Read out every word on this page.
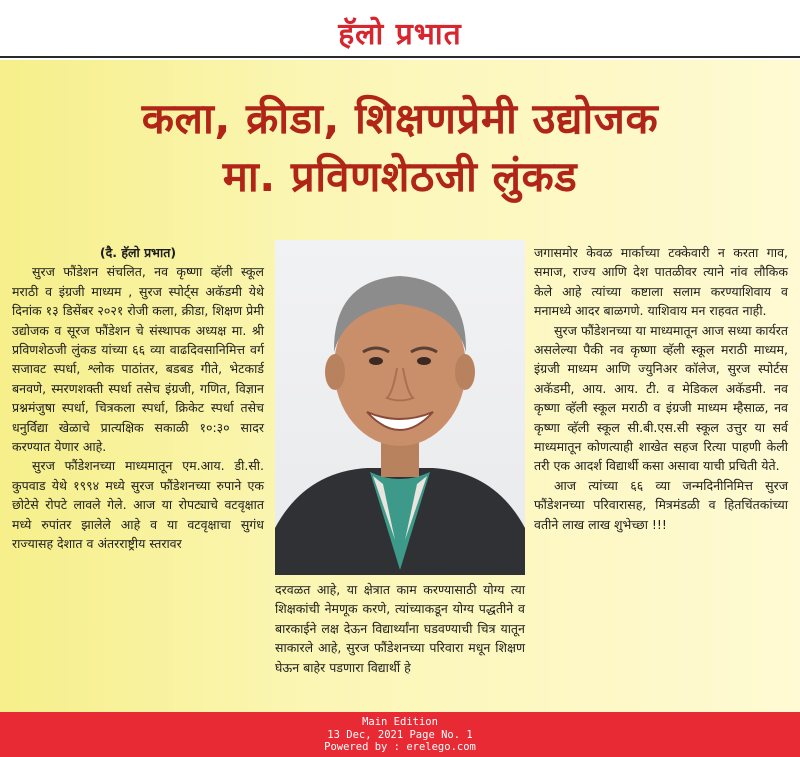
हॅलो प्रभात
कला, क्रीडा, शिक्षणप्रेमी उद्योजक
मा. प्रविणशेठजी लुंकड

(दै. हॅलो प्रभात)

सुरज फौंडेशन संचलित, नव कृष्णा व्हॅली स्कूल मराठी व इंग्रजी माध्यम , सुरज स्पोर्ट्स अकॅडमी येथे दिनांक १३ डिसेंबर २०२१ रोजी कला, क्रीडा, शिक्षण प्रेमी उद्योजक व सूरज फौंडेशन चे संस्थापक अध्यक्ष मा. श्री प्रविणशेठजी लुंकड यांच्या ६६ व्या वाढदिवसानिमित्त वर्ग सजावट स्पर्धा, श्लोक पाठांतर, बडबड गीते, भेटकार्ड बनवणे, स्मरणशक्ती स्पर्धा तसेच इंग्रजी, गणित, विज्ञान प्रश्नमंजुषा स्पर्धा, चित्रकला स्पर्धा, क्रिकेट स्पर्धा तसेच धनुर्विद्या खेळाचे प्रात्यक्षिक सकाळी १०:३० सादर करण्यात येणार आहे.

सुरज फौंडेशनच्या माध्यमातून एम.आय. डी.सी. कुपवाड येथे १९९४ मध्ये सुरज फौंडेशनच्या रुपाने एक छोटेसे रोपटे लावले गेले. आज या रोपट्याचे वटवृक्षात मध्ये रुपांतर झालेले आहे व या वटवृक्षाचा सुगंध राज्यासह देशात व अंतरराष्ट्रीय स्तरावर

दरवळत आहे, या क्षेत्रात काम करण्यासाठी योग्य त्या शिक्षकांची नेमणूक करणे, त्यांच्याकडून योग्य पद्धतीने व बारकाईने लक्ष देऊन विद्यार्थ्यांना घडवण्याची चित्र यातून साकारले आहे, सुरज फौंडेशनच्या परिवारा मधून शिक्षण घेऊन बाहेर पडणारा विद्यार्थी हे

जगासमोर केवळ मार्काच्या टक्केवारी न करता गाव, समाज, राज्य आणि देश पातळीवर त्याने नांव लौकिक केले आहे त्यांच्या कष्टाला सलाम करण्याशिवाय व मनामध्ये आदर बाळगणे. याशिवाय मन राहवत नाही.

सुरज फौंडेशनच्या या माध्यमातून आज सध्या कार्यरत असलेल्या पैकी नव कृष्णा व्हॅली स्कूल मराठी माध्यम, इंग्रजी माध्यम आणि ज्युनिअर कॉलेज, सुरज स्पोर्टस अकॅडमी, आय. आय. टी. व मेडिकल अकॅडमी. नव कृष्णा व्हॅली स्कूल मराठी व इंग्रजी माध्यम म्हैसाळ, नव कृष्णा व्हॅली स्कूल सी.बी.एस.सी स्कूल उत्तुर या सर्व माध्यमातून कोणत्याही शाखेत सहज रित्या पाहणी केली तरी एक आदर्श विद्यार्थी कसा असावा याची प्रचिती येते.

आज त्यांच्या ६६ व्या जन्मदिनीनिमित्त सुरज फौंडेशनच्या परिवारासह, मित्रमंडळी व हितचिंतकांच्या वतीने लाख लाख शुभेच्छा !!!

Main Edition
13 Dec, 2021 Page No. 1
Powered by : erelego.com
